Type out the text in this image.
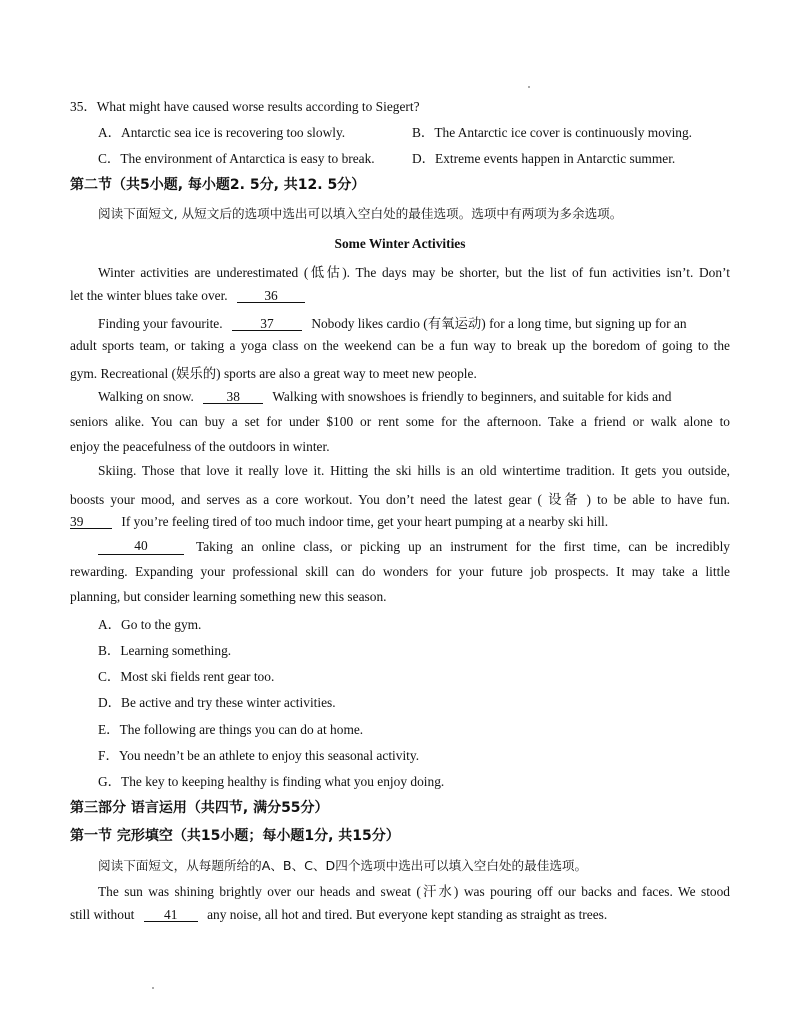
35．What might have caused worse results according to Siegert?
A．Antarctic sea ice is recovering too slowly.	B．The Antarctic ice cover is continuously moving.
C．The environment of Antarctica is easy to break.	D．Extreme events happen in Antarctic summer.
第二节（共5小题, 每小题2. 5分, 共12. 5分）
阅读下面短文, 从短文后的选项中选出可以填入空白处的最佳选项。选项中有两项为多余选项。
Some Winter Activities
Winter activities are underestimated (低估). The days may be shorter, but the list of fun activities isn’t. Don’t
let the winter blues take over.	36
Finding your favourite.	37	Nobody likes cardio (有氧运动) for a long time, but signing up for an
adult sports team, or taking a yoga class on the weekend can be a fun way to break up the boredom of going to the
gym. Recreational (娱乐的) sports are also a great way to meet new people.
Walking on snow. 38 Walking with snowshoes is friendly to beginners, and suitable for kids and
seniors alike. You can buy a set for under $100 or rent some for the afternoon. Take a friend or walk alone to
enjoy the peacefulness of the outdoors in winter.
Skiing. Those that love it really love it. Hitting the ski hills is an old wintertime tradition. It gets you outside,
boosts your mood, and serves as a core workout. You don’t need the latest gear ( 设备 ) to be able to have fun.
39	If you’re feeling tired of too much indoor time, get your heart pumping at a nearby ski hill.
40	Taking an online class, or picking up an instrument for the first time, can be incredibly
rewarding. Expanding your professional skill can do wonders for your future job prospects. It may take a little
planning, but consider learning something new this season.
A．Go to the gym.
B．Learning something.
C．Most ski fields rent gear too.
D．Be active and try these winter activities.
E．The following are things you can do at home.
F．You needn’t be an athlete to enjoy this seasonal activity.
G．The key to keeping healthy is finding what you enjoy doing.
第三部分 语言运用（共四节, 满分55分）
第一节 完形填空（共15小题；每小题1分, 共15分）
阅读下面短文，从每题所给的A、B、C、D四个选项中选出可以填入空白处的最佳选项。
The sun was shining brightly over our heads and sweat (汗水) was pouring off our backs and faces. We stood
still without 41 any noise, all hot and tired. But everyone kept standing as straight as trees.
